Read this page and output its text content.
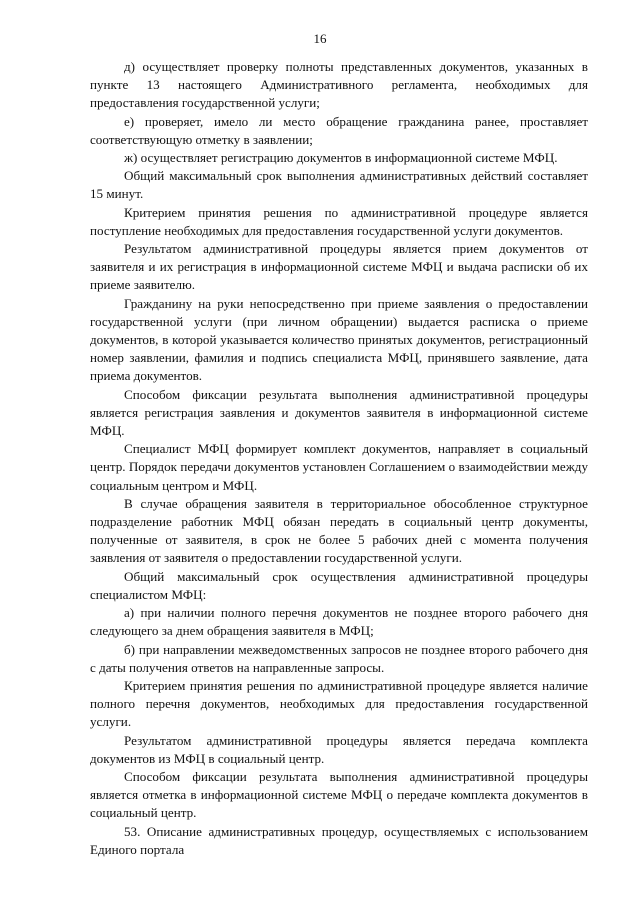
16

д) осуществляет проверку полноты представленных документов, указанных в пункте 13 настоящего Административного регламента, необходимых для предоставления государственной услуги;

е) проверяет, имело ли место обращение гражданина ранее, проставляет соответствующую отметку в заявлении;

ж) осуществляет регистрацию документов в информационной системе МФЦ.

Общий максимальный срок выполнения административных действий составляет 15 минут.

Критерием принятия решения по административной процедуре является поступление необходимых для предоставления государственной услуги документов.

Результатом административной процедуры является прием документов от заявителя и их регистрация в информационной системе МФЦ и выдача расписки об их приеме заявителю.

Гражданину на руки непосредственно при приеме заявления о предоставлении государственной услуги (при личном обращении) выдается расписка о приеме документов, в которой указывается количество принятых документов, регистрационный номер заявлении, фамилия и подпись специалиста МФЦ, принявшего заявление, дата приема документов.

Способом фиксации результата выполнения административной процедуры является регистрация заявления и документов заявителя в информационной системе МФЦ.

Специалист МФЦ формирует комплект документов, направляет в социальный центр. Порядок передачи документов установлен Соглашением о взаимодействии между социальным центром и МФЦ.

В случае обращения заявителя в территориальное обособленное структурное подразделение работник МФЦ обязан передать в социальный центр документы, полученные от заявителя, в срок не более 5 рабочих дней с момента получения заявления от заявителя о предоставлении государственной услуги.

Общий максимальный срок осуществления административной процедуры специалистом МФЦ:

а) при наличии полного перечня документов не позднее второго рабочего дня следующего за днем обращения заявителя в МФЦ;

б) при направлении межведомственных запросов не позднее второго рабочего дня с даты получения ответов на направленные запросы.

Критерием принятия решения по административной процедуре является наличие полного перечня документов, необходимых для предоставления государственной услуги.

Результатом административной процедуры является передача комплекта документов из МФЦ в социальный центр.

Способом фиксации результата выполнения административной процедуры является отметка в информационной системе МФЦ о передаче комплекта документов в социальный центр.

53. Описание административных процедур, осуществляемых с использованием Единого портала
